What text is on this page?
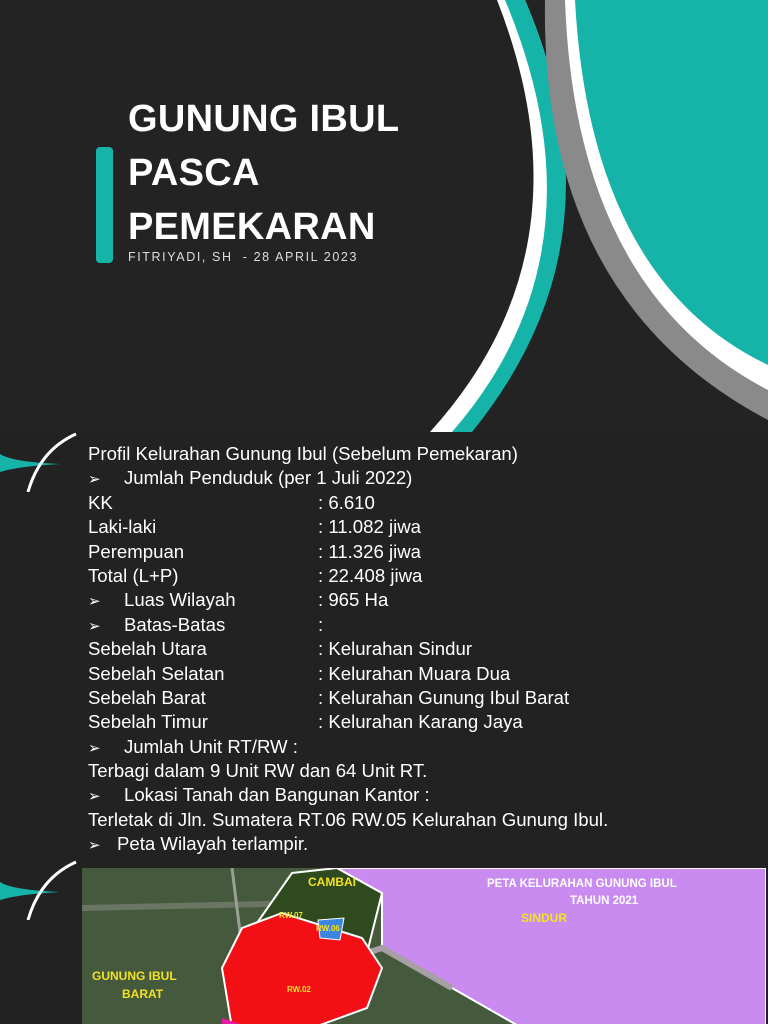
GUNUNG IBUL
PASCA
PEMEKARAN
FITRIYADI, SH  - 28 APRIL 2023
Profil Kelurahan Gunung Ibul (Sebelum Pemekaran)
➢ Jumlah Penduduk (per 1 Juli 2022)
KK	: 6.610
Laki-laki	: 11.082 jiwa
Perempuan	: 11.326 jiwa
Total (L+P)	: 22.408 jiwa
➢ Luas Wilayah	: 965 Ha
➢ Batas-Batas	:
Sebelah Utara	: Kelurahan Sindur
Sebelah Selatan	: Kelurahan Muara Dua
Sebelah Barat	: Kelurahan Gunung Ibul Barat
Sebelah Timur	: Kelurahan Karang Jaya
➢ Jumlah Unit RT/RW :
Terbagi dalam 9 Unit RW dan 64 Unit RT.
➢ Lokasi Tanah dan Bangunan Kantor :
Terletak di Jln. Sumatera RT.06 RW.05 Kelurahan Gunung Ibul.
➢ Peta Wilayah terlampir.
CAMBAI
SINDUR
GUNUNG IBUL
BARAT
RW.07
RW.06
RW.02
PETA KELURAHAN GUNUNG IBUL
TAHUN 2021
